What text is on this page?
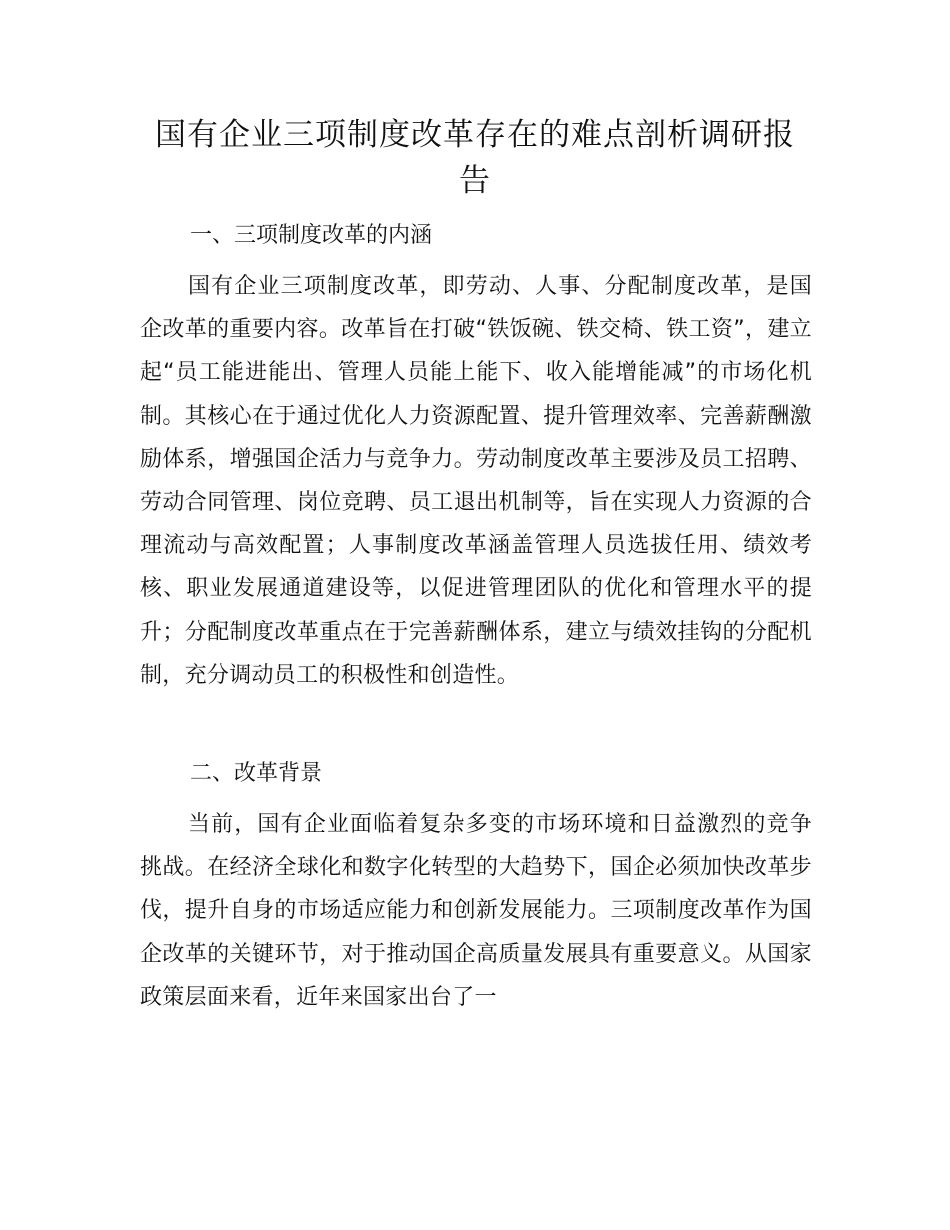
国有企业三项制度改革存在的难点剖析调研报告
一、三项制度改革的内涵

国有企业三项制度改革，即劳动、人事、分配制度改革，是国企改革的重要内容。改革旨在打破“铁饭碗、铁交椅、铁工资”，建立起“员工能进能出、管理人员能上能下、收入能增能减”的市场化机制。其核心在于通过优化人力资源配置、提升管理效率、完善薪酬激励体系，增强国企活力与竞争力。劳动制度改革主要涉及员工招聘、劳动合同管理、岗位竞聘、员工退出机制等，旨在实现人力资源的合理流动与高效配置；人事制度改革涵盖管理人员选拔任用、绩效考核、职业发展通道建设等，以促进管理团队的优化和管理水平的提升；分配制度改革重点在于完善薪酬体系，建立与绩效挂钩的分配机制，充分调动员工的积极性和创造性。

二、改革背景

当前，国有企业面临着复杂多变的市场环境和日益激烈的竞争挑战。在经济全球化和数字化转型的大趋势下，国企必须加快改革步伐，提升自身的市场适应能力和创新发展能力。三项制度改革作为国企改革的关键环节，对于推动国企高质量发展具有重要意义。从国家政策层面来看，近年来国家出台了一
